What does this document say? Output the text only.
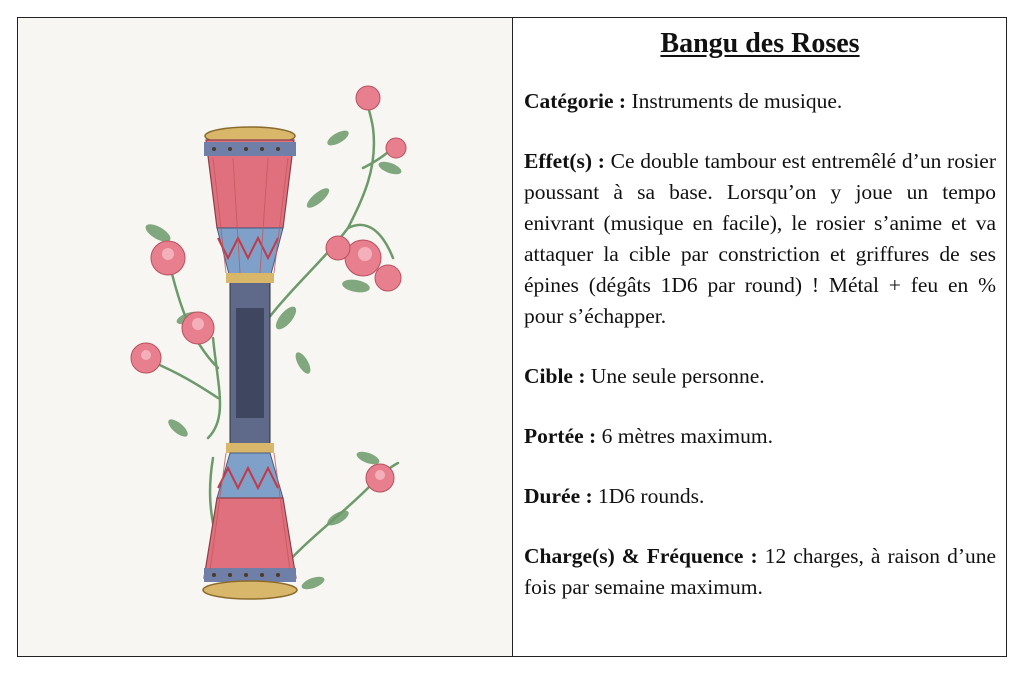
Bangu des Roses
Catégorie : Instruments de musique.
Effet(s) : Ce double tambour est entremêlé d’un rosier poussant à sa base. Lorsqu’on y joue un tempo enivrant (musique en facile), le rosier s’anime et va attaquer la cible par constriction et griffures de ses épines (dégâts 1D6 par round) ! Métal + feu en % pour s’échapper.
Cible : Une seule personne.
Portée : 6 mètres maximum.
Durée : 1D6 rounds.
Charge(s) & Fréquence : 12 charges, à raison d’une fois par semaine maximum.
